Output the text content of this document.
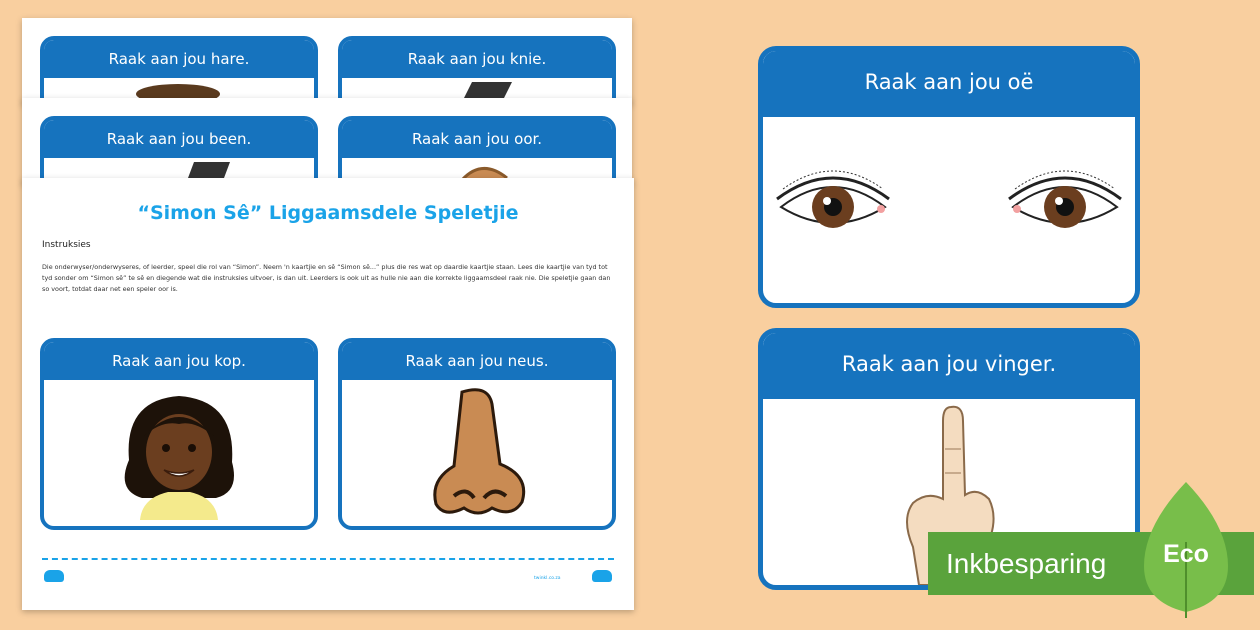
Raak aan jou hare.	Raak aan jou knie.
Raak aan jou been.	Raak aan jou oor.
“Simon Sê” Liggaamsdele Speletjie
Instruksies
Die onderwyser/onderwyseres, of leerder, speel die rol van “Simon”. Neem 'n kaartjie en sê “Simon sê...” plus die res wat op daardie kaartjie staan. Lees die kaartjie van tyd tot tyd sonder om “Simon sê” te sê en diegende wat die instruksies uitvoer, is dan uit. Leerders is ook uit as hulle nie aan die korrekte liggaamsdeel raak nie. Die speletjie gaan dan so voort, totdat daar net een speler oor is.
Raak aan jou kop.	Raak aan jou neus.
twinkl.co.za
Raak aan jou oë
Raak aan jou vinger.
Inkbesparing Eco
